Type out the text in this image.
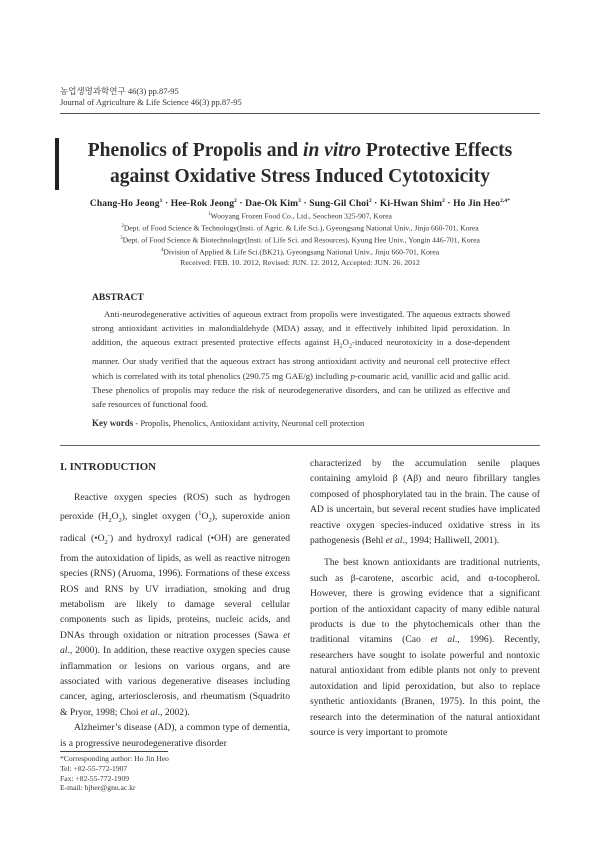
농업생명과학연구 46(3) pp.87-95
Journal of Agriculture & Life Science 46(3) pp.87-95
Phenolics of Propolis and in vitro Protective Effects
against Oxidative Stress Induced Cytotoxicity
Chang-Ho Jeong$^1$ · Hee-Rok Jeong$^2$ · Dae-Ok Kim$^3$ · Sung-Gil Choi$^2$ · Ki-Hwan Shim$^2$ · Ho Jin Heo$^{2,4*}$
$^1$Wooyang Frozen Food Co., Ltd., Seocheon 325-907, Korea
$^2$Dept. of Food Science & Technology(Insti. of Agric. & Life Sci.), Gyeongsang National Univ., Jinju 660-701, Korea
$^3$Dept. of Food Science & Biotechnology(Insti. of Life Sci. and Resources), Kyung Hee Univ., Yongin 446-701, Korea
$^4$Division of Applied & Life Sci.(BK21), Gyeongsang National Univ., Jinju 660-701, Korea
Received: FEB. 10. 2012, Revised: JUN. 12. 2012, Accepted: JUN. 26. 2012
ABSTRACT
Anti-neurodegenerative activities of aqueous extract from propolis were investigated. The aqueous extracts showed strong antioxidant activities in malondialdehyde (MDA) assay, and it effectively inhibited lipid peroxidation. In addition, the aqueous extract presented protective effects against $H_2O_2$-induced neurotoxicity in a dose-dependent manner. Our study verified that the aqueous extract has strong antioxidant activity and neuronal cell protective effect which is correlated with its total phenolics (290.75 mg GAE/g) including p-coumaric acid, vanillic acid and gallic acid. These phenolics of propolis may reduce the risk of neurodegenerative disorders, and can be utilized as effective and safe resources of functional food.
Key words - Propolis, Phenolics, Antioxidant activity, Neuronal cell protection

I. INTRODUCTION

Reactive oxygen species (ROS) such as hydrogen peroxide $(H_2O_2)$, singlet oxygen $(^1O_2)$, superoxide anion radical $(•O_2^-)$ and hydroxyl radical (•OH) are generated from the autoxidation of lipids, as well as reactive nitrogen species (RNS) (Aruoma, 1996). Formations of these excess ROS and RNS by UV irradiation, smoking and drug metabolism are likely to damage several cellular components such as lipids, proteins, nucleic acids, and DNAs through oxidation or nitration processes (Sawa et al., 2000). In addition, these reactive oxygen species cause inflammation or lesions on various organs, and are associated with various degenerative diseases including cancer, aging, arteriosclerosis, and rheumatism (Squadrito & Pryor, 1998; Choi et al., 2002).

Alzheimer’s disease (AD), a common type of dementia, is a progressive neurodegenerative disorder

characterized by the accumulation senile plaques containing amyloid β (Aβ) and neuro fibrillary tangles composed of phosphorylated tau in the brain. The cause of AD is uncertain, but several recent studies have implicated reactive oxygen species-induced oxidative stress in its pathogenesis (Behl et al., 1994; Halliwell, 2001).

The best known antioxidants are traditional nutrients, such as β-carotene, ascorbic acid, and α-tocopherol. However, there is growing evidence that a significant portion of the antioxidant capacity of many edible natural products is due to the phytochemicals other than the traditional vitamins (Cao et al., 1996). Recently, researchers have sought to isolate powerful and nontoxic natural antioxidant from edible plants not only to prevent autoxidation and lipid peroxidation, but also to replace synthetic antioxidants (Branen, 1975). In this point, the research into the determination of the natural antioxidant source is very important to promote

*Corresponding author: Ho Jin Heo
Tel: +82-55-772-1907
Fax: +82-55-772-1909
E-mail: hjher@gnu.ac.kr
